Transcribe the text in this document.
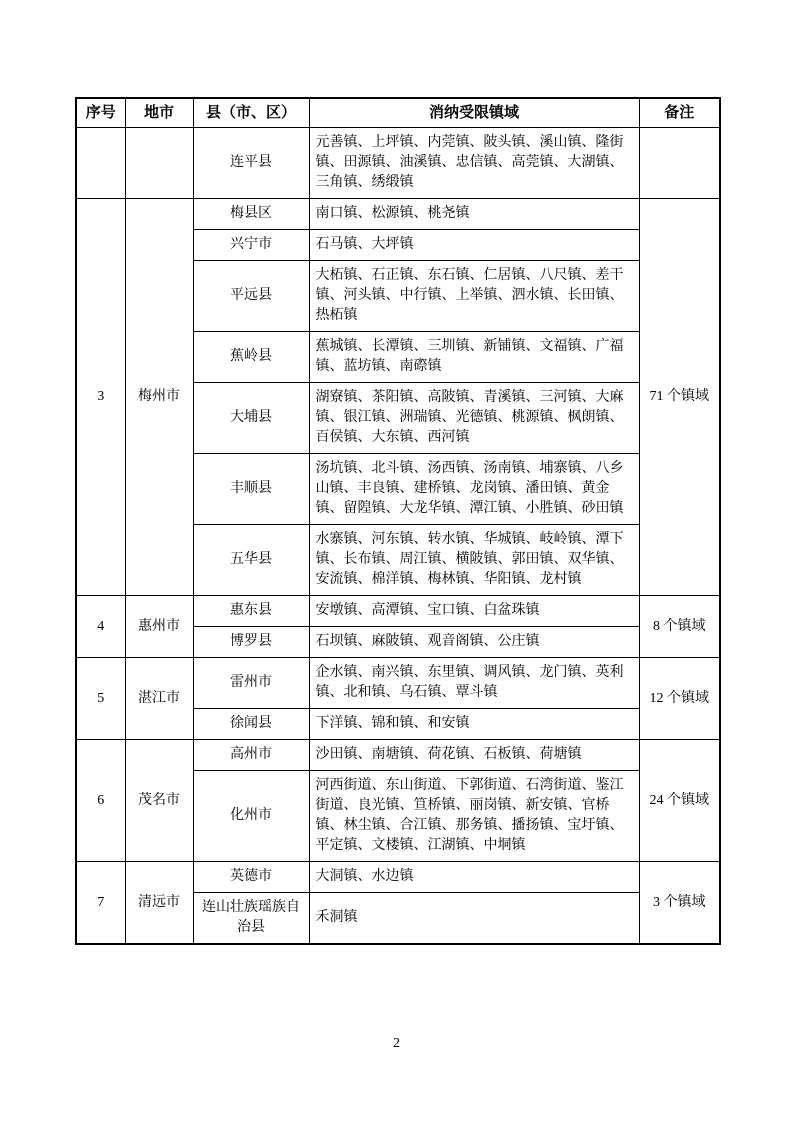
序号	地市	县（市、区）	消纳受限镇域	备注
		连平县	元善镇、上坪镇、内莞镇、陂头镇、溪山镇、隆街镇、田源镇、油溪镇、忠信镇、高莞镇、大湖镇、三角镇、绣缎镇	
3	梅州市	梅县区	南口镇、松源镇、桃尧镇	71 个镇域
		兴宁市	石马镇、大坪镇	
		平远县	大柘镇、石正镇、东石镇、仁居镇、八尺镇、差干镇、河头镇、中行镇、上举镇、泗水镇、长田镇、热柘镇	
		蕉岭县	蕉城镇、长潭镇、三圳镇、新铺镇、文福镇、广福镇、蓝坊镇、南磜镇	
		大埔县	湖寮镇、茶阳镇、高陂镇、青溪镇、三河镇、大麻镇、银江镇、洲瑞镇、光德镇、桃源镇、枫朗镇、百侯镇、大东镇、西河镇	
		丰顺县	汤坑镇、北斗镇、汤西镇、汤南镇、埔寨镇、八乡山镇、丰良镇、建桥镇、龙岗镇、潘田镇、黄金镇、留隍镇、大龙华镇、潭江镇、小胜镇、砂田镇	
		五华县	水寨镇、河东镇、转水镇、华城镇、岐岭镇、潭下镇、长布镇、周江镇、横陂镇、郭田镇、双华镇、安流镇、棉洋镇、梅林镇、华阳镇、龙村镇	
4	惠州市	惠东县	安墩镇、高潭镇、宝口镇、白盆珠镇	8 个镇域
		博罗县	石坝镇、麻陂镇、观音阁镇、公庄镇	
5	湛江市	雷州市	企水镇、南兴镇、东里镇、调风镇、龙门镇、英利镇、北和镇、乌石镇、覃斗镇	12 个镇域
		徐闻县	下洋镇、锦和镇、和安镇	
6	茂名市	高州市	沙田镇、南塘镇、荷花镇、石板镇、荷塘镇	24 个镇域
		化州市	河西街道、东山街道、下郭街道、石湾街道、鉴江街道、良光镇、笪桥镇、丽岗镇、新安镇、官桥镇、林尘镇、合江镇、那务镇、播扬镇、宝圩镇、平定镇、文楼镇、江湖镇、中垌镇	
7	清远市	英德市	大洞镇、水边镇	3 个镇域
		连山壮族瑶族自治县	禾洞镇	
2
